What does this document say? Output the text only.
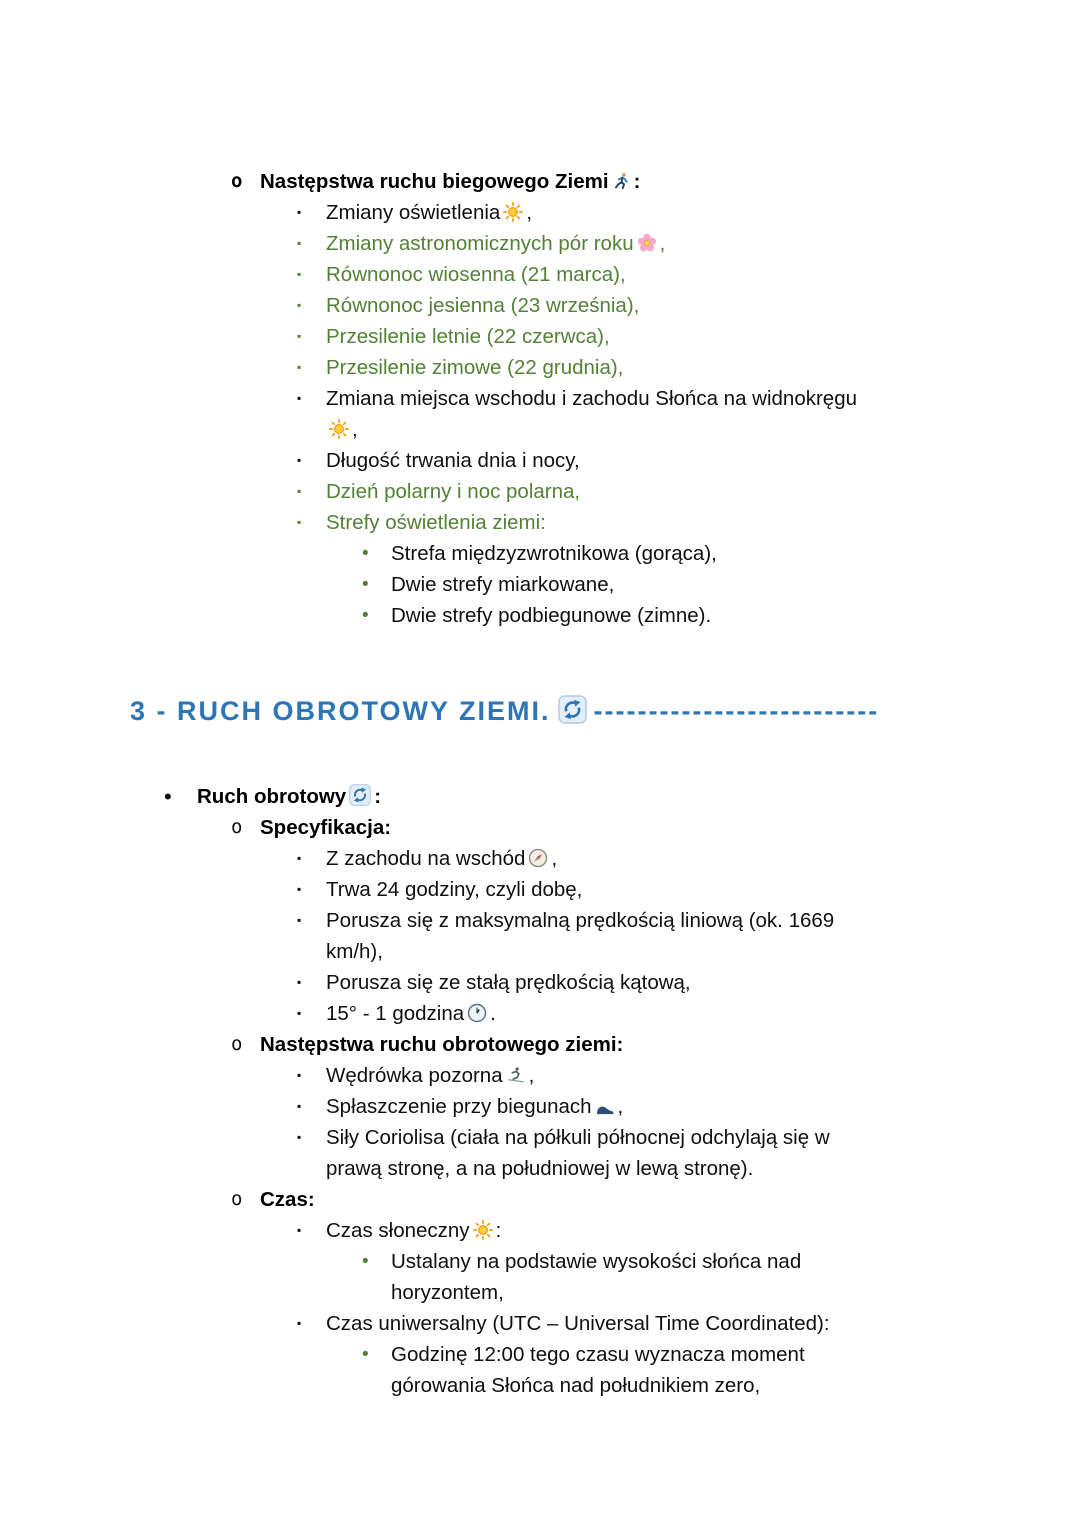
o Następstwa ruchu biegowego Ziemi :
▪	Zmiany oświetlenia ,
▪	Zmiany astronomicznych pór roku ,
▪	Równonoc wiosenna (21 marca),
▪	Równonoc jesienna (23 września),
▪	Przesilenie letnie (22 czerwca),
▪	Przesilenie zimowe (22 grudnia),
▪	Zmiana miejsca wschodu i zachodu Słońca na widnokręgu

,
▪	Długość trwania dnia i nocy,
▪	Dzień polarny i noc polarna,
▪	Strefy oświetlenia ziemi:
•	Strefa międzyzwrotnikowa (gorąca),
•	Dwie strefy miarkowane,
•	Dwie strefy podbiegunowe (zimne).
3 - RUCH OBROTOWY ZIEMI. --------------------------
•	Ruch obrotowy :
o Specyfikacja:
▪	Z zachodu na wschód ,
▪	Trwa 24 godziny, czyli dobę,
▪	Porusza się z maksymalną prędkością liniową (ok. 1669
km/h),
▪	Porusza się ze stałą prędkością kątową,
▪	15° - 1 godzina .
o Następstwa ruchu obrotowego ziemi:
▪	Wędrówka pozorna ,
▪	Spłaszczenie przy biegunach ,
▪	Siły Coriolisa (ciała na półkuli północnej odchylają się w
prawą stronę, a na południowej w lewą stronę).
o Czas:
▪	Czas słoneczny :
•	Ustalany na podstawie wysokości słońca nad
horyzontem,
▪	Czas uniwersalny (UTC – Universal Time Coordinated):
•	Godzinę 12:00 tego czasu wyznacza moment
górowania Słońca nad południkiem zero,
